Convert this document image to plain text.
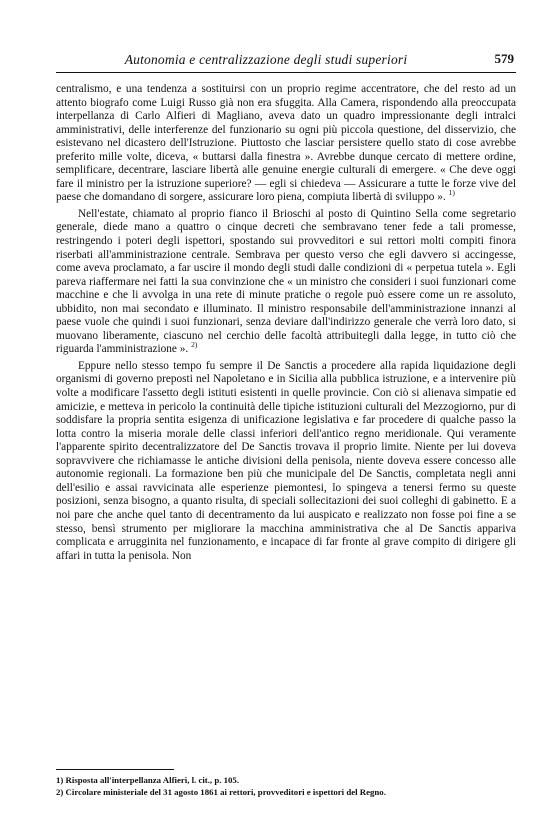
Autonomia e centralizzazione degli studi superiori	579

centralismo, e una tendenza a sostituirsi con un proprio regime accentratore, che del resto ad un attento biografo come Luigi Russo già non era sfuggita. Alla Camera, rispondendo alla preoccupata interpellanza di Carlo Alfieri di Magliano, aveva dato un quadro impressionante degli intralci amministrativi, delle interferenze del funzionario su ogni più piccola questione, del disservizio, che esistevano nel dicastero dell'Istruzione. Piuttosto che lasciar persistere quello stato di cose avrebbe preferito mille volte, diceva, « buttarsi dalla finestra ». Avrebbe dunque cercato di mettere ordine, semplificare, decentrare, lasciare libertà alle genuine energie culturali di emergere. « Che deve oggi fare il ministro per la istruzione superiore? — egli si chiedeva — Assicurare a tutte le forze vive del paese che domandano di sorgere, assicurare loro piena, compiuta libertà di sviluppo ». $^{1)}$

Nell'estate, chiamato al proprio fianco il Brioschi al posto di Quintino Sella come segretario generale, diede mano a quattro o cinque decreti che sembravano tener fede a tali promesse, restringendo i poteri degli ispettori, spostando sui provveditori e sui rettori molti compiti finora riserbati all'amministrazione centrale. Sembrava per questo verso che egli davvero si accingesse, come aveva proclamato, a far uscire il mondo degli studi dalle condizioni di « perpetua tutela ». Egli pareva riaffermare nei fatti la sua convinzione che « un ministro che consideri i suoi funzionari come macchine e che li avvolga in una rete di minute pratiche o regole può essere come un re assoluto, ubbidito, non mai secondato e illuminato. Il ministro responsabile dell'amministrazione innanzi al paese vuole che quindi i suoi funzionari, senza deviare dall'indirizzo generale che verrà loro dato, si muovano liberamente, ciascuno nel cerchio delle facoltà attribuitegli dalla legge, in tutto ciò che riguarda l'amministrazione ». $^{2)}$

Eppure nello stesso tempo fu sempre il De Sanctis a procedere alla rapida liquidazione degli organismi di governo preposti nel Napoletano e in Sicilia alla pubblica istruzione, e a intervenire più volte a modificare l'assetto degli istituti esistenti in quelle provincie. Con ciò si alienava simpatie ed amicizie, e metteva in pericolo la continuità delle tipiche istituzioni culturali del Mezzogiorno, pur di soddisfare la propria sentita esigenza di unificazione legislativa e far procedere di qualche passo la lotta contro la miseria morale delle classi inferiori dell'antico regno meridionale. Qui veramente l'apparente spirito decentralizzatore del De Sanctis trovava il proprio limite. Niente per lui doveva sopravvivere che richiamasse le antiche divisioni della penisola, niente doveva essere concesso alle autonomie regionali. La formazione ben più che municipale del De Sanctis, completata negli anni dell'esilio e assai ravvicinata alle esperienze piemontesi, lo spingeva a tenersi fermo su queste posizioni, senza bisogno, a quanto risulta, di speciali sollecitazioni dei suoi colleghi di gabinetto. E a noi pare che anche quel tanto di decentramento da lui auspicato e realizzato non fosse poi fine a se stesso, bensì strumento per migliorare la macchina amministrativa che al De Sanctis appariva complicata e arrugginita nel funzionamento, e incapace di far fronte al grave compito di dirigere gli affari in tutta la penisola. Non

1) Risposta all'interpellanza Alfieri, l. cit., p. 105.

2) Circolare ministeriale del 31 agosto 1861 ai rettori, provveditori e ispettori del Regno.
